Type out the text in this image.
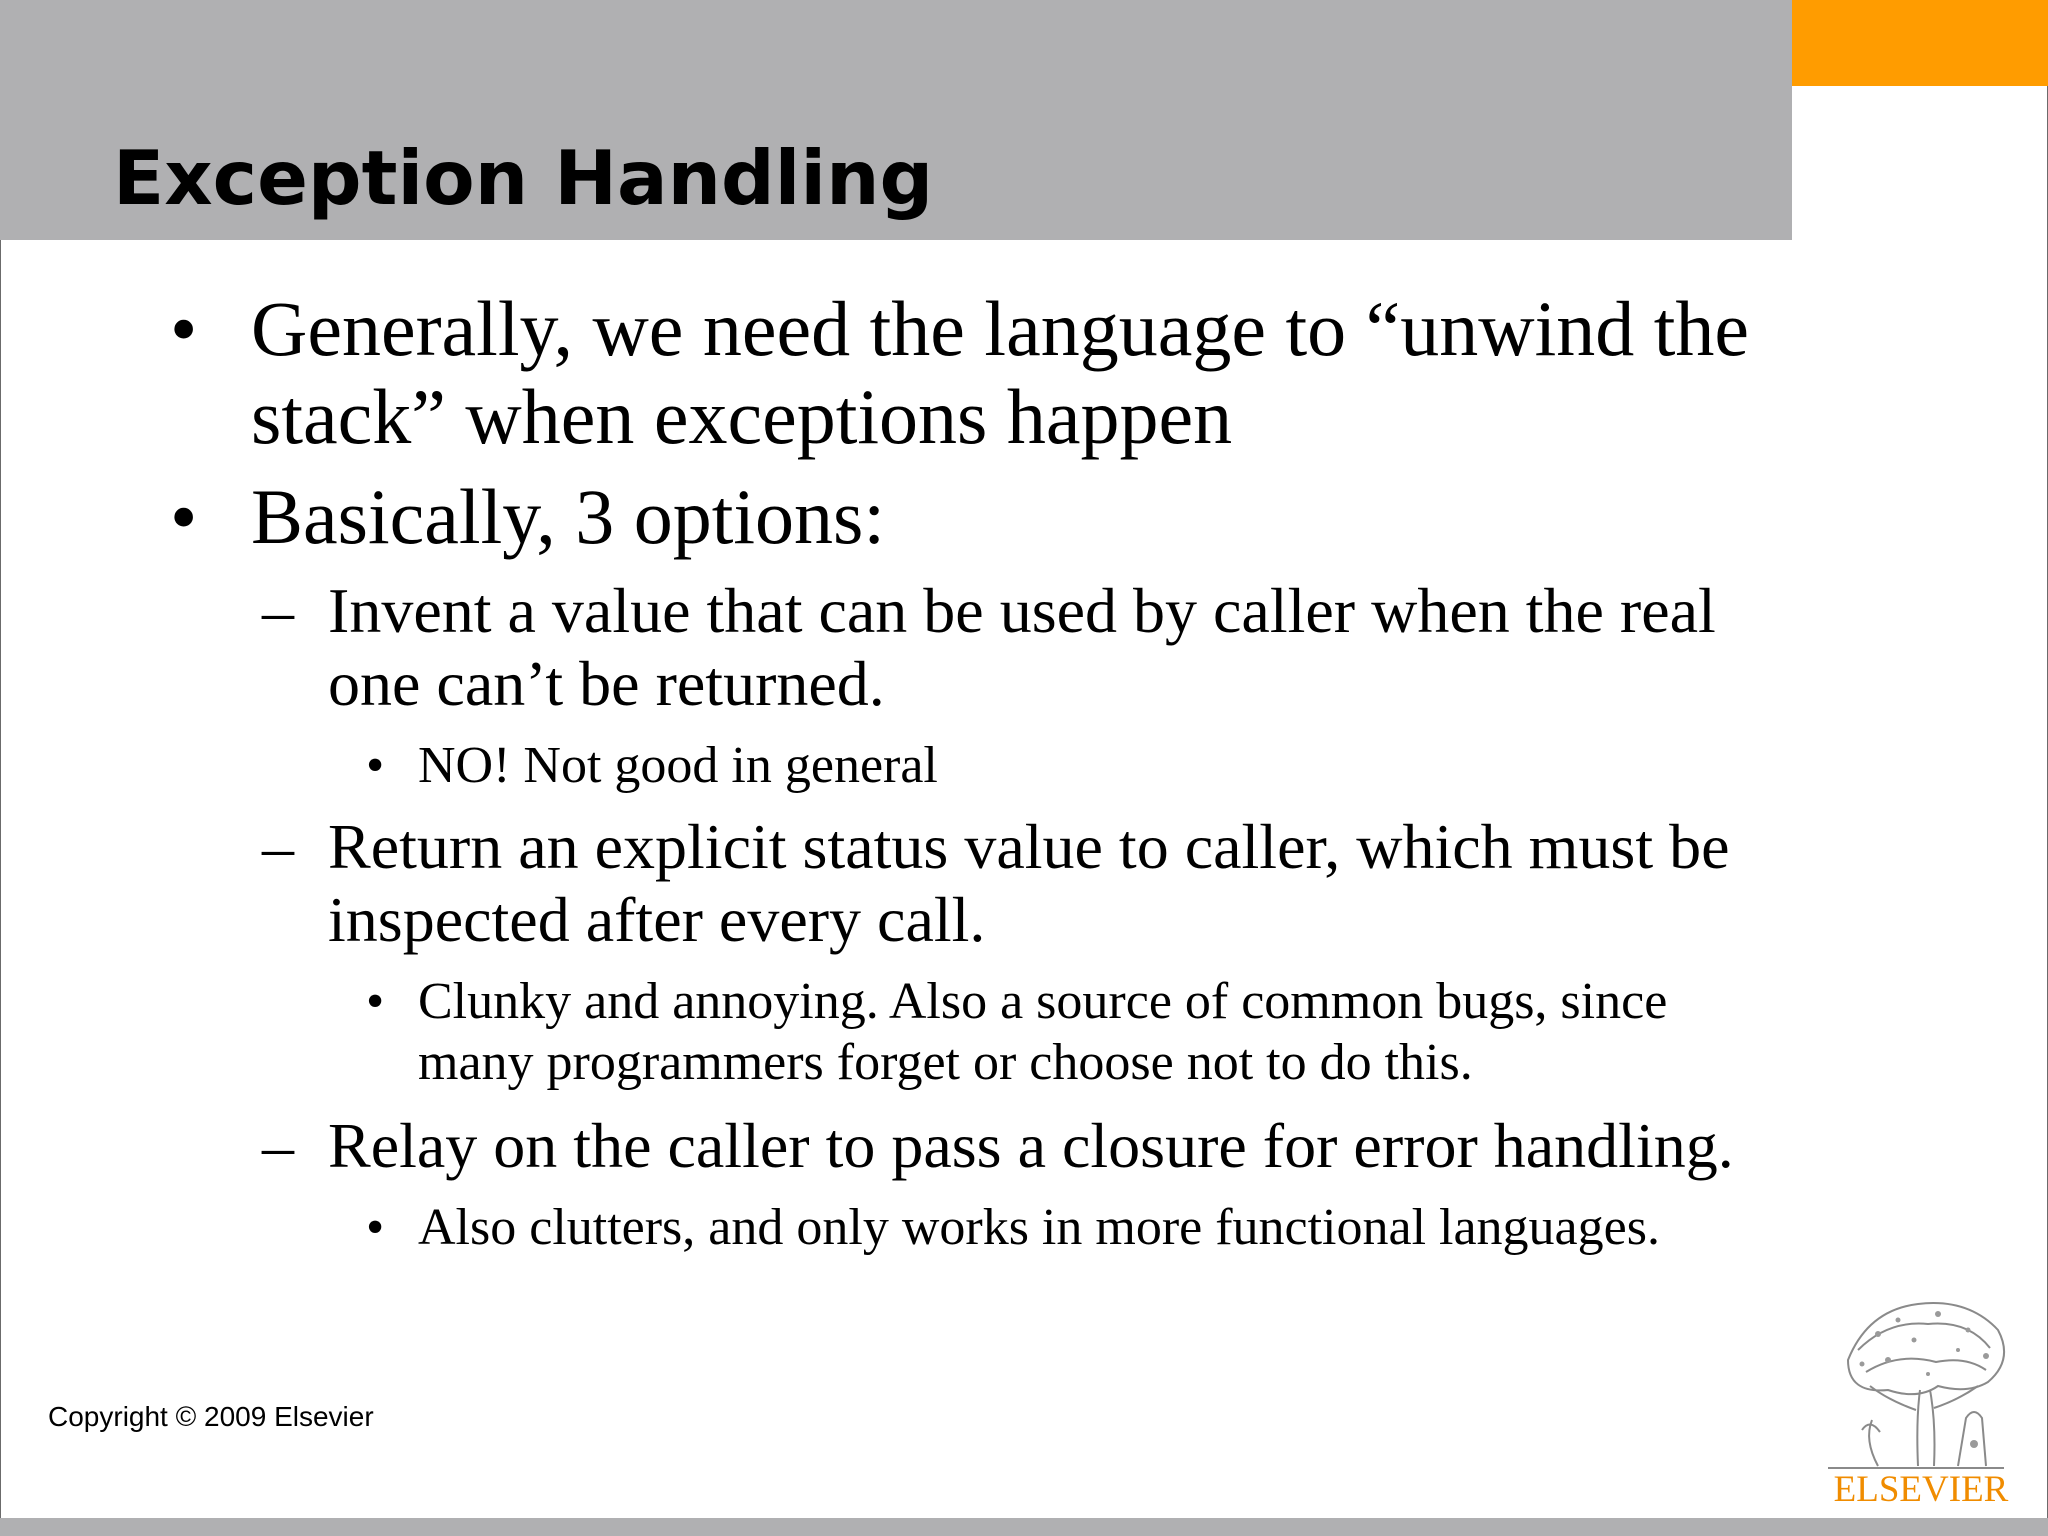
Exception Handling
• Generally, we need the language to “unwind the
stack” when exceptions happen
• Basically, 3 options:
– Invent a value that can be used by caller when the real
one can’t be returned.
• NO! Not good in general
– Return an explicit status value to caller, which must be
inspected after every call.
• Clunky and annoying. Also a source of common bugs, since
many programmers forget or choose not to do this.
– Relay on the caller to pass a closure for error handling.
• Also clutters, and only works in more functional languages.
Copyright © 2009 Elsevier
ELSEVIER
